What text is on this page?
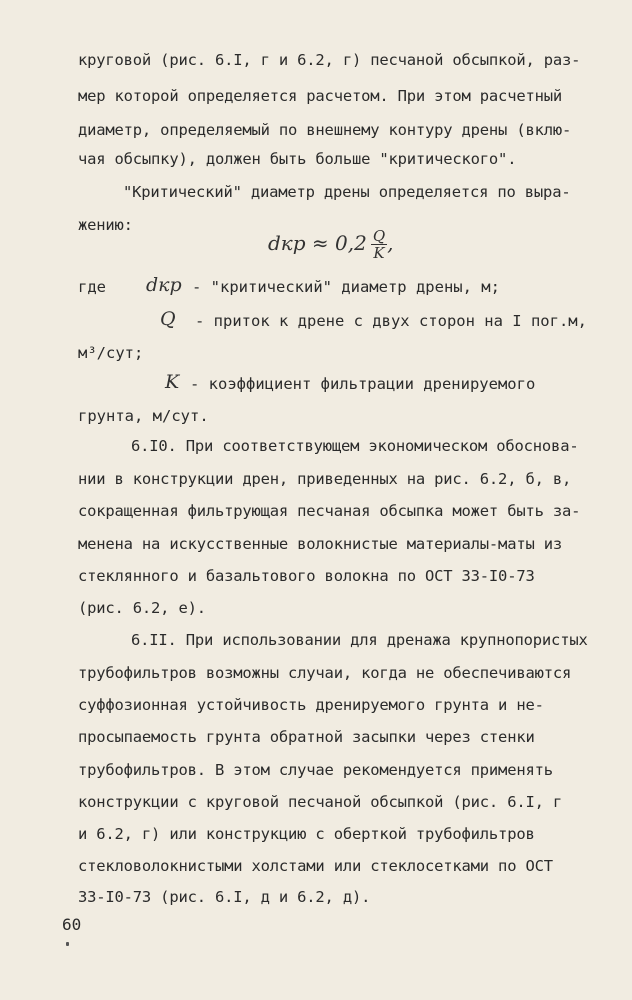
круговой (рис. 6.I, г и 6.2, г) песчаной обсыпкой, раз-
мер которой определяется расчетом. При этом расчетный
диаметр, определяемый по внешнему контуру дрены (вклю-
чая обсыпку), должен быть больше "критического".
"Критический" диаметр дрены определяется по выра-
жению:
dкр ≈ $0,2 \frac{Q}{K}$ ,
где dкр - "критический" диаметр дрены, м;
Q - приток к дрене с двух сторон на I пог.м,
м³/сут;
K - коэффициент фильтрации дренируемого
грунта, м/сут.
6.I0. При соответствующем экономическом обоснова-
нии в конструкции дрен, приведенных на рис. 6.2, б, в,
сокращенная фильтрующая песчаная обсыпка может быть за-
менена на искусственные волокнистые материалы-маты из
стеклянного и базальтового волокна по ОСТ 33-I0-73
(рис. 6.2, е).
6.II. При использовании для дренажа крупнопористых
трубофильтров возможны случаи, когда не обеспечиваются
суффозионная устойчивость дренируемого грунта и не-
просыпаемость грунта обратной засыпки через стенки
трубофильтров. В этом случае рекомендуется применять
конструкции с круговой песчаной обсыпкой (рис. 6.I, г
и 6.2, г) или конструкцию с оберткой трубофильтров
стекловолокнистыми холстами или стеклосетками по ОСТ
33-I0-73 (рис. 6.I, д и 6.2, д).
60
